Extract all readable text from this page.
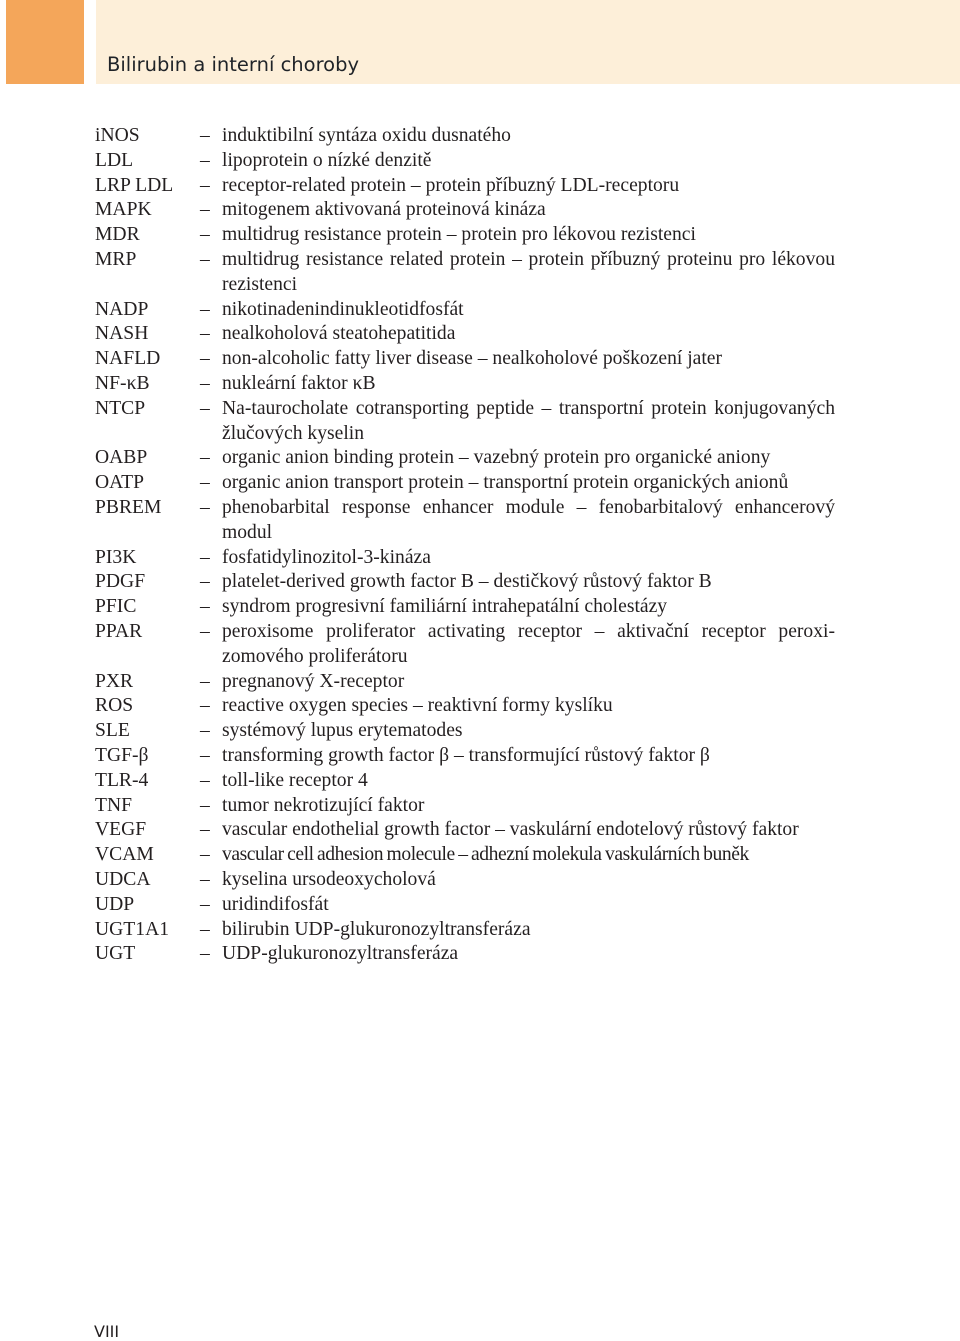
Bilirubin a interní choroby
iNOS	– induktibilní syntáza oxidu dusnatého
LDL	– lipoprotein o nízké denzitě
LRP LDL – receptor-related protein – protein příbuzný LDL-receptoru
MAPK – mitogenem aktivovaná proteinová kináza
MDR	– multidrug resistance protein – protein pro lékovou rezistenci
MRP	– multidrug resistance related protein – protein příbuzný proteinu pro lékovou rezistenci
NADP	– nikotinadenindinukleotidfosfát
NASH	– nealkoholová steatohepatitida
NAFLD – non-alcoholic fatty liver disease – nealkoholové poškození jater
NF-κB	– nukleární faktor κB
NTCP	– Na-taurocholate cotransporting peptide – transportní protein konjugovaných žlučových kyselin
OABP	– organic anion binding protein – vazebný protein pro organické aniony
OATP	– organic anion transport protein – transportní protein organických anionů
PBREM – phenobarbital response enhancer module – fenobarbitalový enhancerový modul
PI3K	– fosfatidylinozitol-3-kináza
PDGF	– platelet-derived growth factor B – destičkový růstový faktor B
PFIC	– syndrom progresivní familiární intrahepatální cholestázy
PPAR	– peroxisome proliferator activating receptor – aktivační receptor peroxizomového proliferátoru
PXR	– pregnanový X-receptor
ROS	– reactive oxygen species – reaktivní formy kyslíku
SLE	– systémový lupus erytematodes
TGF-β	– transforming growth factor β – transformující růstový faktor β
TLR-4	– toll-like receptor 4
TNF	– tumor nekrotizující faktor
VEGF	– vascular endothelial growth factor – vaskulární endotelový růstový faktor
VCAM – vascular cell adhesion molecule – adhezní molekula vaskulárních buněk
UDCA	– kyselina ursodeoxycholová
UDP	– uridindifosfát
UGT1A1 – bilirubin UDP-glukuronozyltransferáza
UGT	– UDP-glukuronozyltransferáza
VIII
